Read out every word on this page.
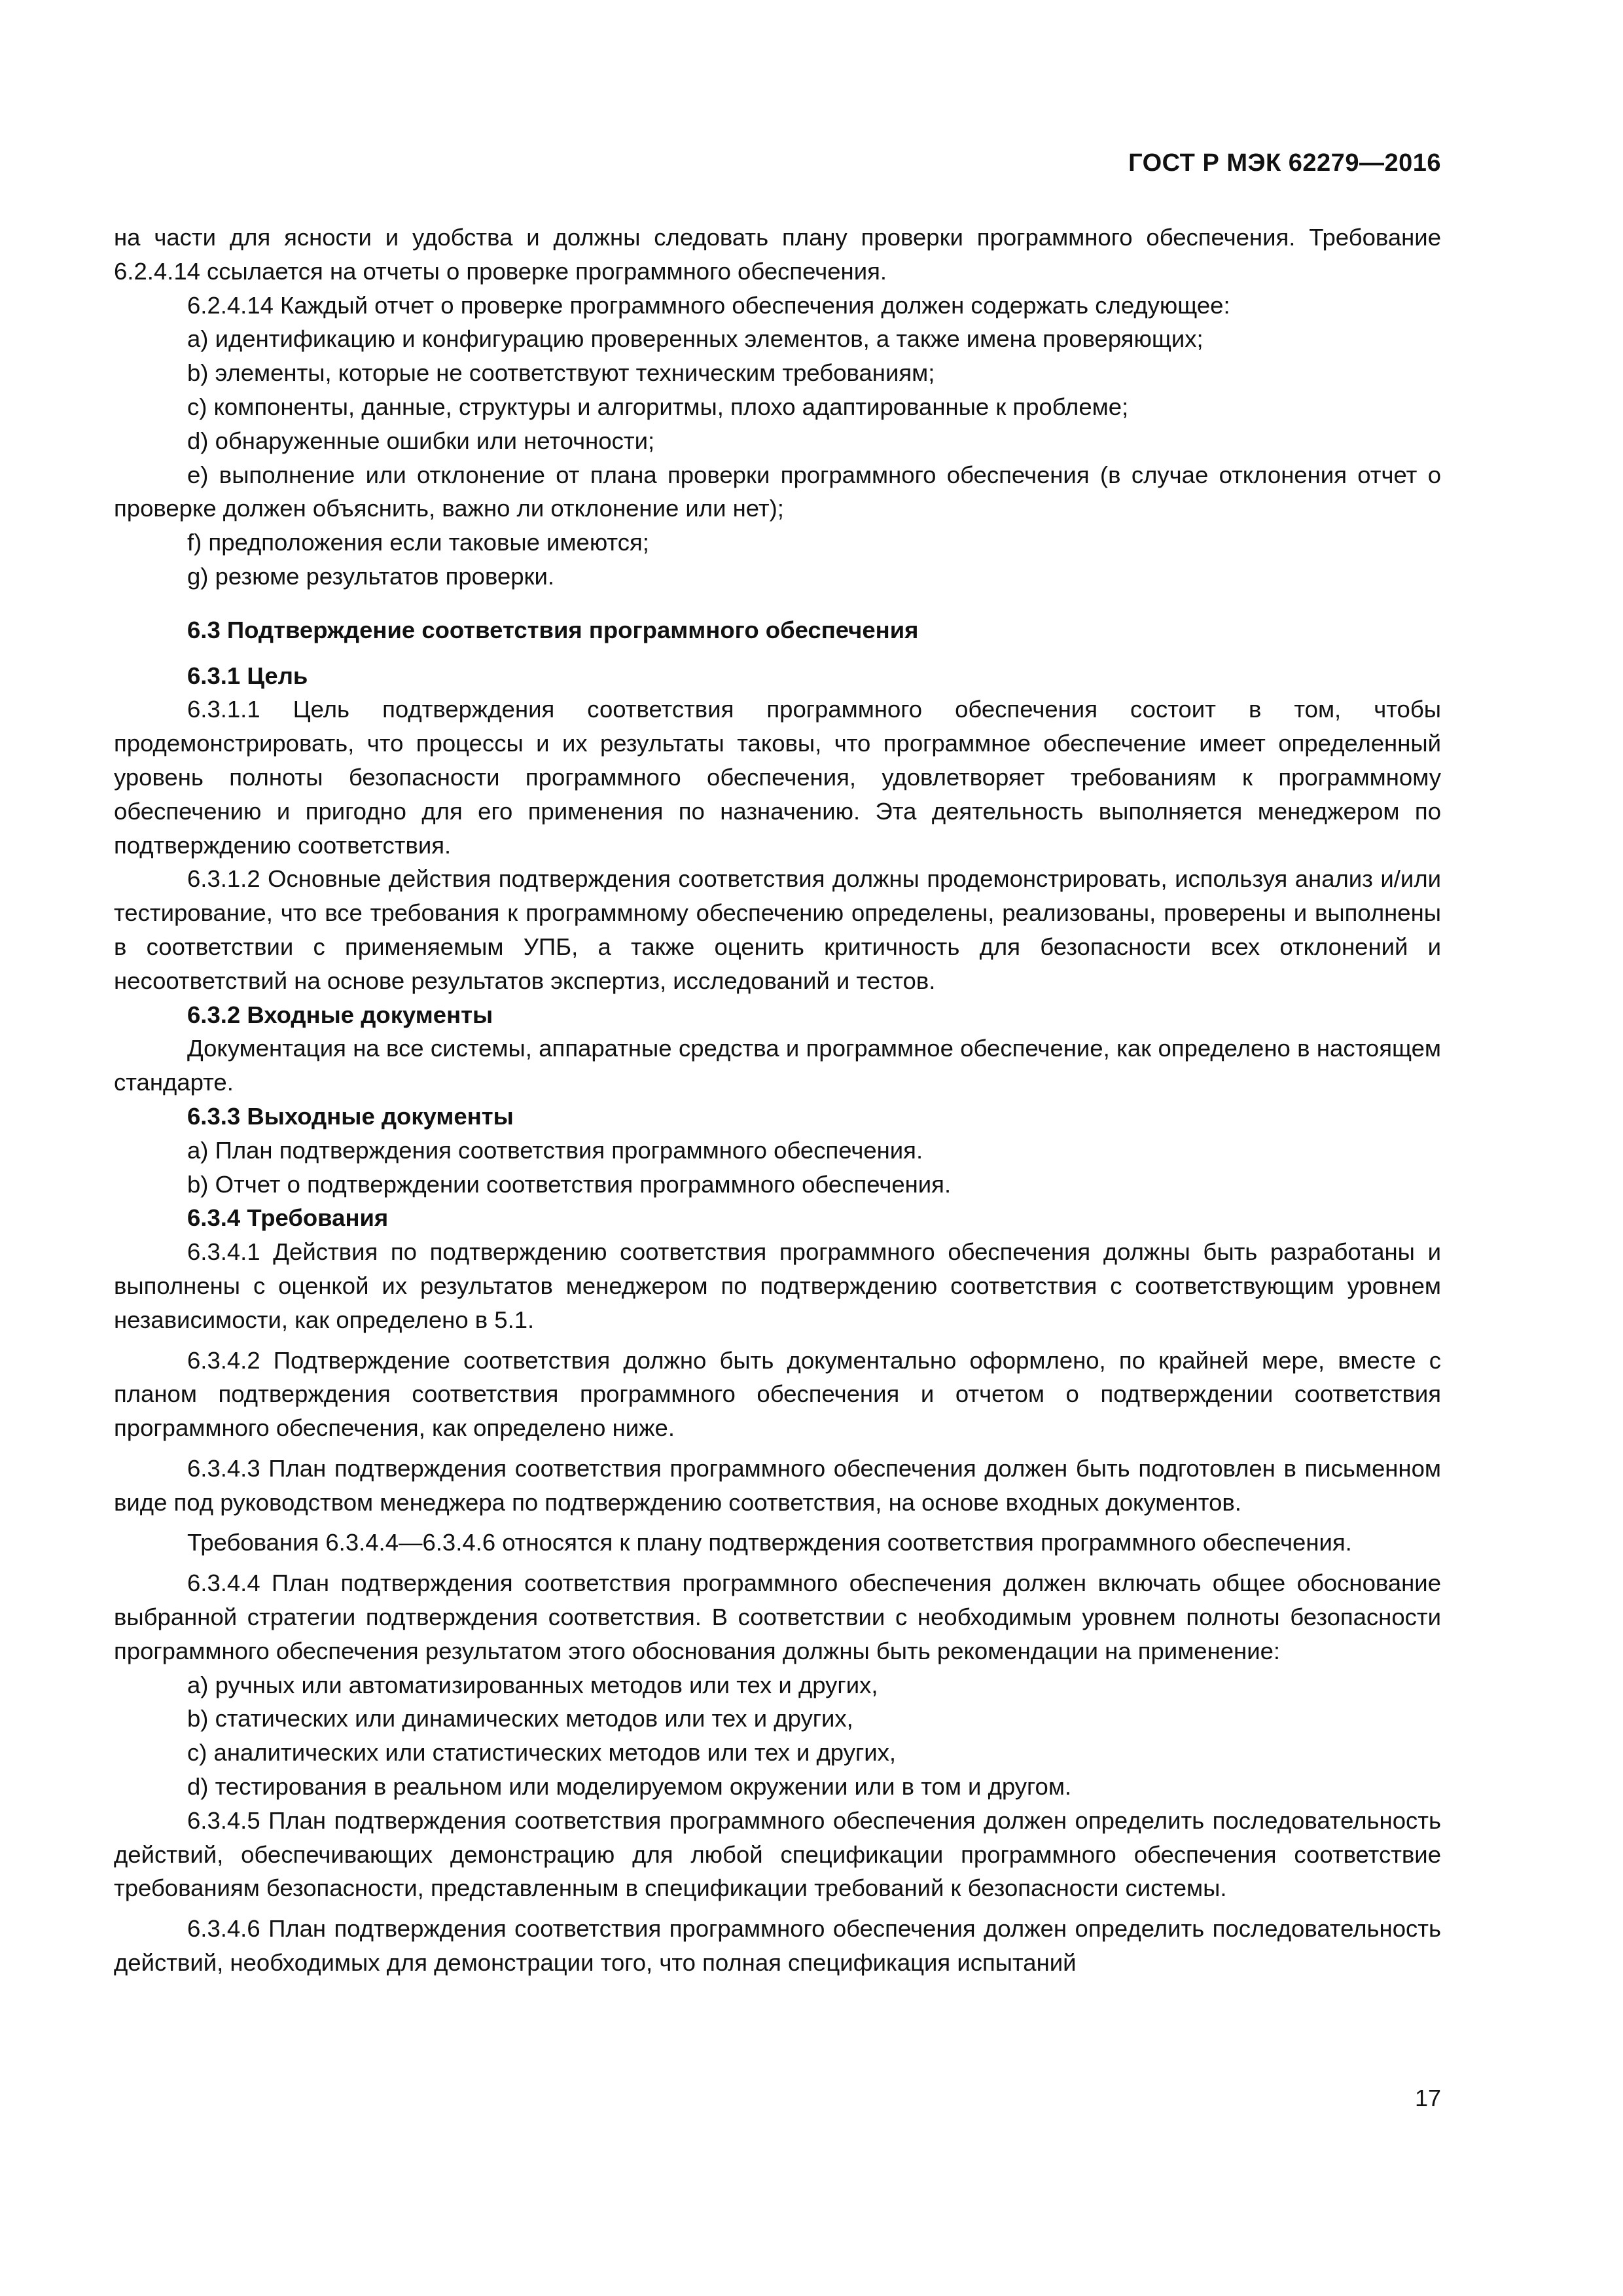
ГОСТ Р МЭК 62279—2016

на части для ясности и удобства и должны следовать плану проверки программного обеспечения. Требование 6.2.4.14 ссылается на отчеты о проверке программного обеспечения.

6.2.4.14 Каждый отчет о проверке программного обеспечения должен содержать следующее:

a) идентификацию и конфигурацию проверенных элементов, а также имена проверяющих;

b) элементы, которые не соответствуют техническим требованиям;

c) компоненты, данные, структуры и алгоритмы, плохо адаптированные к проблеме;

d) обнаруженные ошибки или неточности;

e) выполнение или отклонение от плана проверки программного обеспечения (в случае отклонения отчет о проверке должен объяснить, важно ли отклонение или нет);

f) предположения если таковые имеются;

g) резюме результатов проверки.

6.3 Подтверждение соответствия программного обеспечения

6.3.1 Цель

6.3.1.1 Цель подтверждения соответствия программного обеспечения состоит в том, чтобы продемонстрировать, что процессы и их результаты таковы, что программное обеспечение имеет определенный уровень полноты безопасности программного обеспечения, удовлетворяет требованиям к программному обеспечению и пригодно для его применения по назначению. Эта деятельность выполняется менеджером по подтверждению соответствия.

6.3.1.2 Основные действия подтверждения соответствия должны продемонстрировать, используя анализ и/или тестирование, что все требования к программному обеспечению определены, реализованы, проверены и выполнены в соответствии с применяемым УПБ, а также оценить критичность для безопасности всех отклонений и несоответствий на основе результатов экспертиз, исследований и тестов.

6.3.2 Входные документы

Документация на все системы, аппаратные средства и программное обеспечение, как определено в настоящем стандарте.

6.3.3 Выходные документы

a) План подтверждения соответствия программного обеспечения.

b) Отчет о подтверждении соответствия программного обеспечения.

6.3.4 Требования

6.3.4.1 Действия по подтверждению соответствия программного обеспечения должны быть разработаны и выполнены с оценкой их результатов менеджером по подтверждению соответствия с соответствующим уровнем независимости, как определено в 5.1.

6.3.4.2 Подтверждение соответствия должно быть документально оформлено, по крайней мере, вместе с планом подтверждения соответствия программного обеспечения и отчетом о подтверждении соответствия программного обеспечения, как определено ниже.

6.3.4.3 План подтверждения соответствия программного обеспечения должен быть подготовлен в письменном виде под руководством менеджера по подтверждению соответствия, на основе входных документов.

Требования 6.3.4.4—6.3.4.6 относятся к плану подтверждения соответствия программного обеспечения.

6.3.4.4 План подтверждения соответствия программного обеспечения должен включать общее обоснование выбранной стратегии подтверждения соответствия. В соответствии с необходимым уровнем полноты безопасности программного обеспечения результатом этого обоснования должны быть рекомендации на применение:

a) ручных или автоматизированных методов или тех и других,

b) статических или динамических методов или тех и других,

c) аналитических или статистических методов или тех и других,

d) тестирования в реальном или моделируемом окружении или в том и другом.

6.3.4.5 План подтверждения соответствия программного обеспечения должен определить последовательность действий, обеспечивающих демонстрацию для любой спецификации программного обеспечения соответствие требованиям безопасности, представленным в спецификации требований к безопасности системы.

6.3.4.6 План подтверждения соответствия программного обеспечения должен определить последовательность действий, необходимых для демонстрации того, что полная спецификация испытаний

17
